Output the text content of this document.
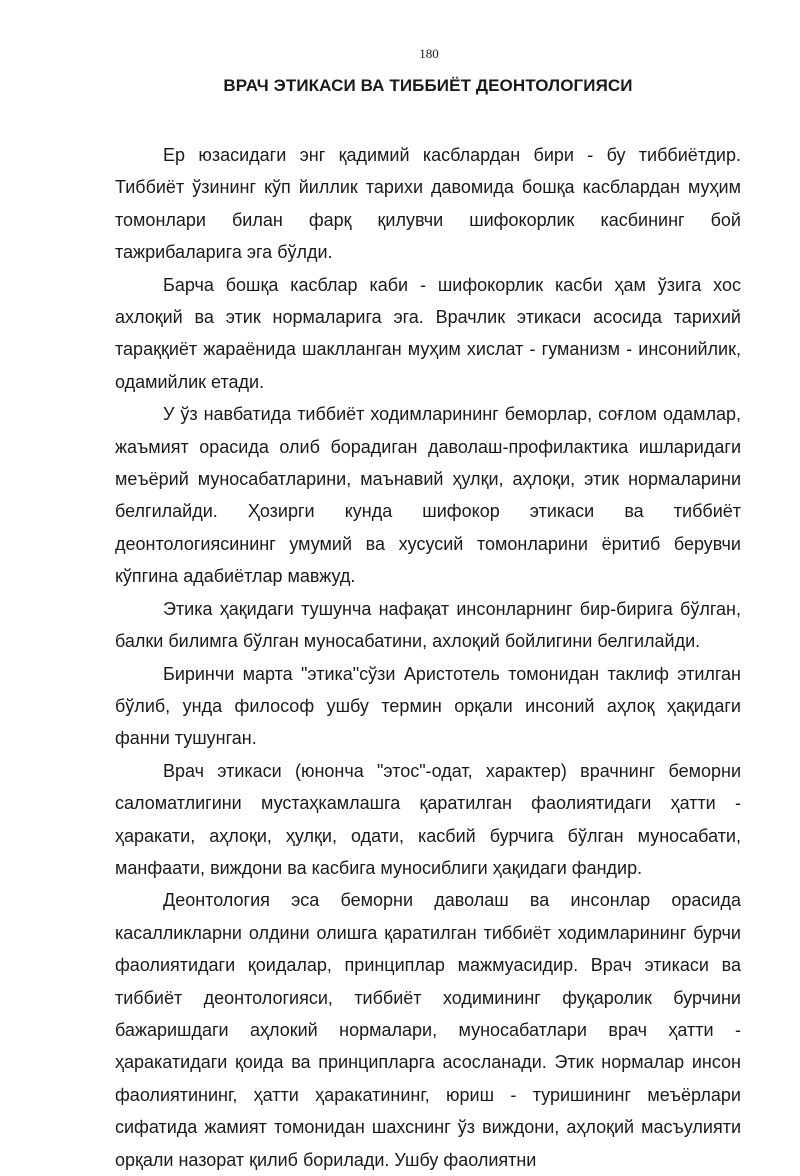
180
ВРАЧ ЭТИКАСИ ВА ТИББИЁТ ДЕОНТОЛОГИЯСИ

Ер юзасидаги энг қадимий касблардан бири - бу тиббиётдир. Тиббиёт ўзининг кўп йиллик тарихи давомида бошқа касблардан муҳим томонлари билан фарқ қилувчи шифокорлик касбининг бой тажрибаларига эга бўлди.

Барча бошқа касблар каби - шифокорлик касби ҳам ўзига хос ахлоқий ва этик нормаларига эга. Врачлик этикаси асосида тарихий тараққиёт жараёнида шаклланган муҳим хислат - гуманизм - инсонийлик, одамийлик етади.

У ўз навбатида тиббиёт ходимларининг беморлар, соғлом одамлар, жаъмият орасида олиб борадиган даволаш-профилактика ишларидаги меъёрий муносабатларини, маънавий ҳулқи, аҳлоқи, этик нормаларини белгилайди. Ҳозирги кунда шифокор этикаси ва тиббиёт деонтологиясининг умумий ва хусусий томонларини ёритиб берувчи кўпгина адабиётлар мавжуд.

Этика ҳақидаги тушунча нафақат инсонларнинг бир-бирига бўлган, балки билимга бўлган муносабатини, ахлоқий бойлигини белгилайди.

Биринчи марта "этика"сўзи Аристотель томонидан таклиф этилган бўлиб, унда философ ушбу термин орқали инсоний аҳлоқ ҳақидаги фанни тушунган.

Врач этикаси (юнонча "этос"-одат, характер) врачнинг беморни саломатлигини мустаҳкамлашга қаратилган фаолиятидаги ҳатти - ҳаракати, аҳлоқи, ҳулқи, одати, касбий бурчига бўлган муносабати, манфаати, виждони ва касбига муносиблиги ҳақидаги фандир.

Деонтология эса беморни даволаш ва инсонлар орасида касалликларни олдини олишга қаратилган тиббиёт ходимларининг бурчи фаолиятидаги қоидалар, принциплар мажмуасидир. Врач этикаси ва тиббиёт деонтологияси, тиббиёт ходимининг фуқаролик бурчини бажаришдаги аҳлокий нормалари, муносабатлари врач ҳатти - ҳаракатидаги қоида ва принципларга асосланади. Этик нормалар инсон фаолиятининг, ҳатти ҳаракатининг, юриш - туришининг меъёрлари сифатида жамият томонидан шахснинг ўз виждони, аҳлоқий масъулияти орқали назорат қилиб борилади. Ушбу фаолиятни
